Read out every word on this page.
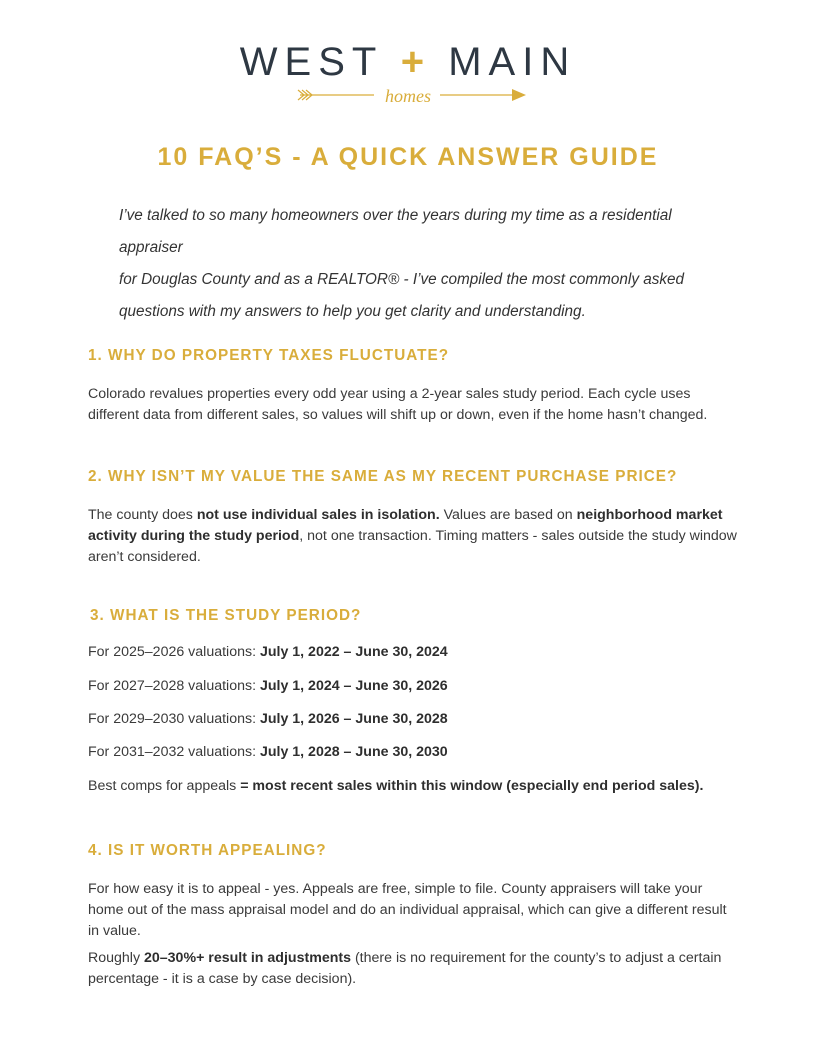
WEST + MAIN
homes
10 FAQ’S - A QUICK ANSWER GUIDE

I’ve talked to so many homeowners over the years during my time as a residential appraiser

for Douglas County and as a REALTOR® - I’ve compiled the most commonly asked

questions with my answers to help you get clarity and understanding.

1. WHY DO PROPERTY TAXES FLUCTUATE?

Colorado revalues properties every odd year using a 2-year sales study period. Each cycle uses different data from different sales, so values will shift up or down, even if the home hasn’t changed.

2. WHY ISN’T MY VALUE THE SAME AS MY RECENT PURCHASE PRICE?

The county does not use individual sales in isolation. Values are based on neighborhood market activity during the study period, not one transaction. Timing matters - sales outside the study window aren’t considered.

3. WHAT IS THE STUDY PERIOD?
For 2025–2026 valuations: July 1, 2022 – June 30, 2024
For 2027–2028 valuations: July 1, 2024 – June 30, 2026
For 2029–2030 valuations: July 1, 2026 – June 30, 2028
For 2031–2032 valuations: July 1, 2028 – June 30, 2030
Best comps for appeals = most recent sales within this window (especially end period sales).
4. IS IT WORTH APPEALING?

For how easy it is to appeal - yes. Appeals are free, simple to file. County appraisers will take your home out of the mass appraisal model and do an individual appraisal, which can give a different result in value.

Roughly 20–30%+ result in adjustments (there is no requirement for the county’s to adjust a certain percentage - it is a case by case decision).
